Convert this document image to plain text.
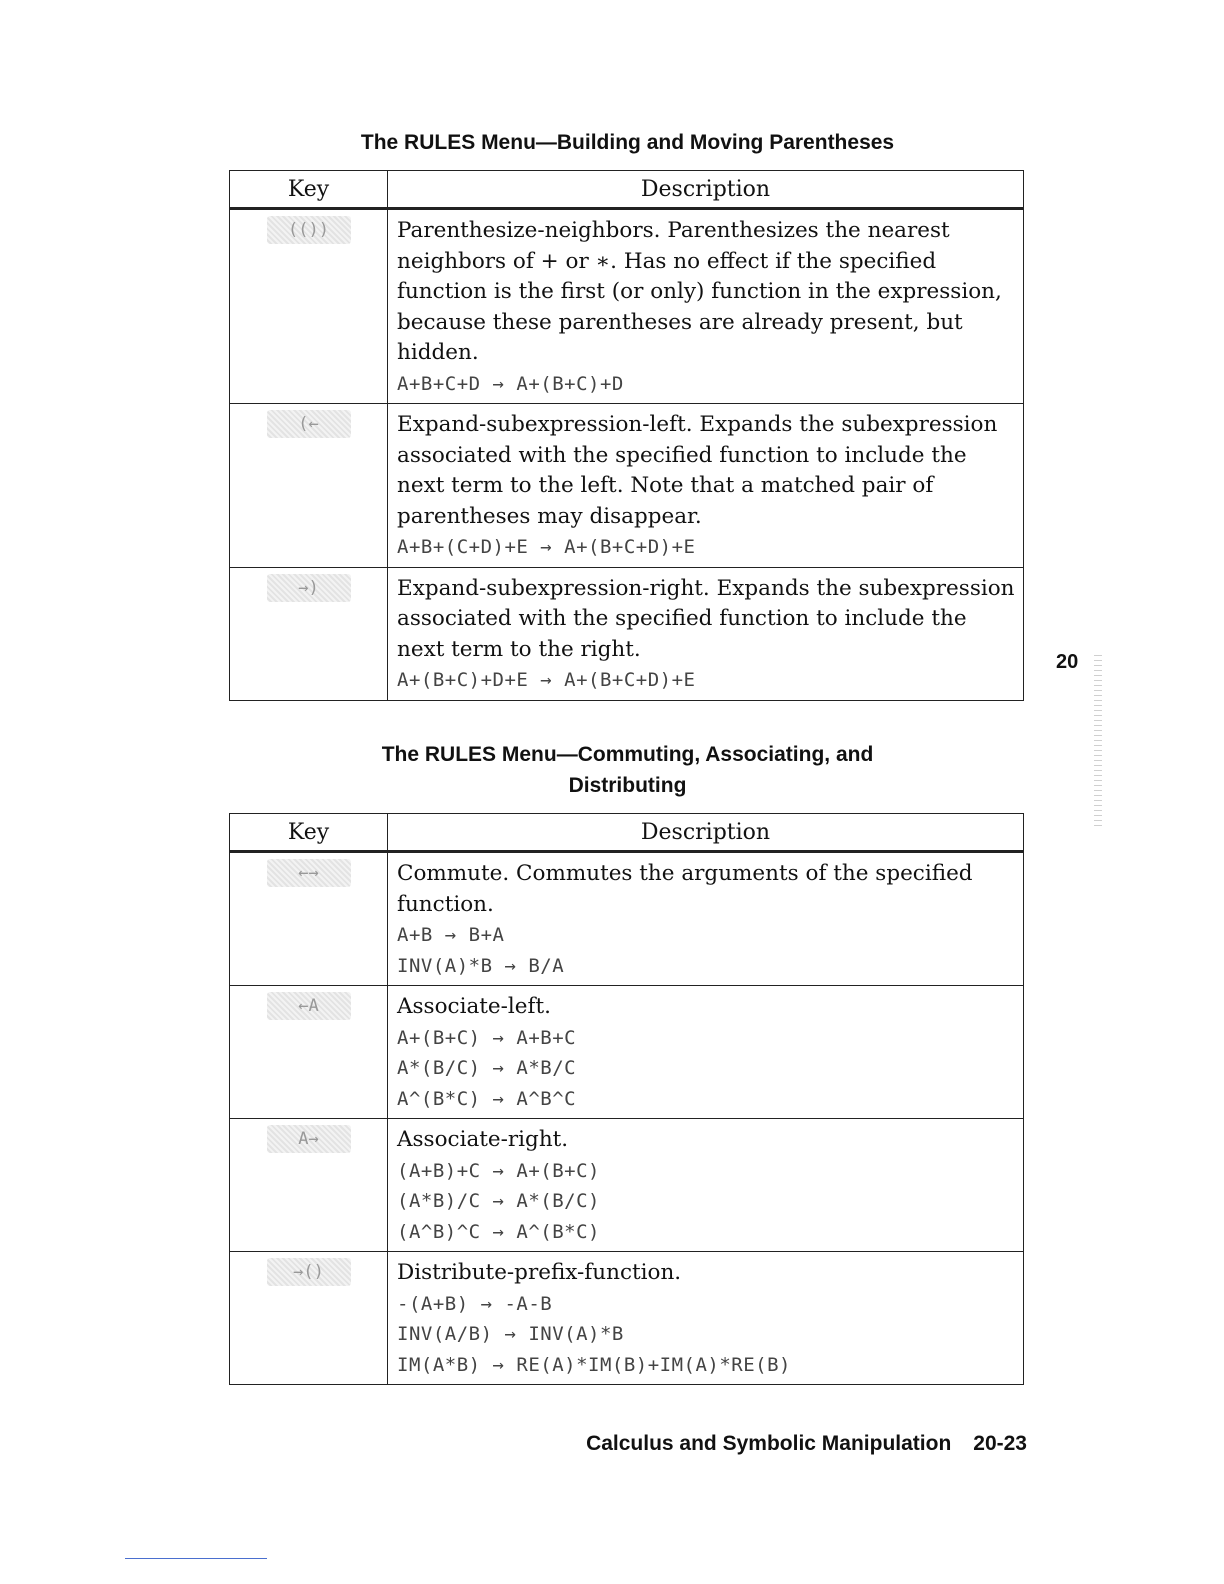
The RULES Menu—Building and Moving Parentheses
Key	Description
(())	Parenthesize-neighbors. Parenthesizes the nearest neighbors of + or ∗. Has no effect if the specified function is the first (or only) function in the expression, because these parentheses are already present, but hidden.
A+B+C+D → A+(B+C)+D

(←	Expand-subexpression-left. Expands the subexpression associated with the specified function to include the next term to the left. Note that a matched pair of parentheses may disappear.
A+B+(C+D)+E → A+(B+C+D)+E

→)	Expand-subexpression-right. Expands the subexpression associated with the specified function to include the next term to the right.
A+(B+C)+D+E → A+(B+C+D)+E
The RULES Menu—Commuting, Associating, and
Distributing
Key	Description
←→	Commute. Commutes the arguments of the specified function.
A+B → B+A
INV(A)*B → B/A

←A	Associate-left.
A+(B+C) → A+B+C
A*(B/C) → A*B/C
A^(B*C) → A^B^C

A→	Associate-right.
(A+B)+C → A+(B+C)
(A*B)/C → A*(B/C)
(A^B)^C → A^(B*C)

→()	Distribute-prefix-function.
-(A+B) → -A-B
INV(A/B) → INV(A)*B
IM(A*B) → RE(A)*IM(B)+IM(A)*RE(B)
20
Calculus and Symbolic Manipulation 20-23
